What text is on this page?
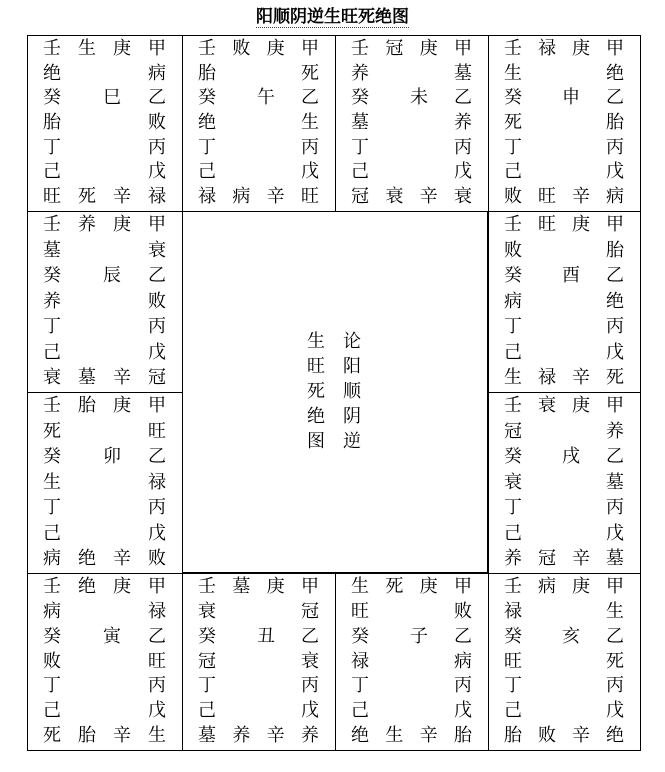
阳顺阴逆生旺死绝图
壬 病 庚 甲
禄
癸
旺
丁
己
生
乙
死
丙
戊
胎 败 辛 绝
亥
生 死 庚 甲
旺
癸
禄
丁
己
败
乙
病
丙
戊
绝 生 辛 胎
子
壬 墓 庚 甲
衰
癸
冠
丁
己
冠
乙
衰
丙
戊
墓 养 辛 养
丑
壬 绝 庚 甲
病
癸
败
丁
己
禄
乙
旺
丙
戊
死 胎 辛 生
寅
壬 衰 庚 甲
冠
癸
衰
丁
己
养
乙
墓
丙
戊
养 冠 辛 墓
戌
壬 胎 庚 甲
死
癸
生
丁
己
旺
乙
禄
丙
戊
病 绝 辛 败
卯
壬 旺 庚 甲
败
癸
病
丁
己
胎
乙
绝
丙
戊
生 禄 辛 死
酉
壬 养 庚 甲
墓
癸
养
丁
己
衰
乙
败
丙
戊
衰 墓 辛 冠
辰
壬 禄 庚 甲
生
癸
死
丁
己
绝
乙
胎
丙
戊
败 旺 辛 病
申
壬 冠 庚 甲
养
癸
墓
丁
己
墓
乙
养
丙
戊
冠 衰 辛 衰
未
壬 败 庚 甲
胎
癸
绝
丁
己
死
乙
生
丙
戊
禄 病 辛 旺
午
壬 生 庚 甲
绝
癸
胎
丁
己
病
乙
败
丙
戊
旺 死 辛 禄
巳
生
旺
死
绝
图
论
阳
顺
阴
逆
